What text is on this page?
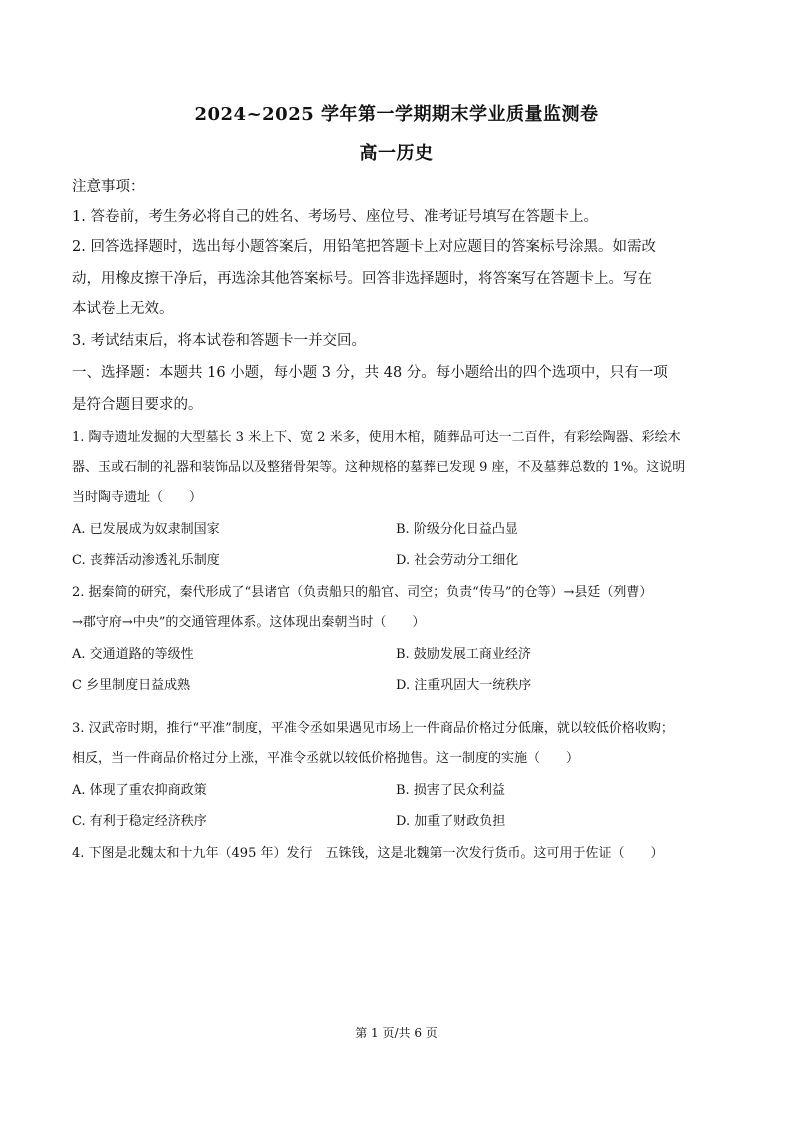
2024~2025 学年第一学期期末学业质量监测卷
高一历史
注意事项：
1. 答卷前，考生务必将自己的姓名、考场号、座位号、准考证号填写在答题卡上。
2. 回答选择题时，选出每小题答案后，用铅笔把答题卡上对应题目的答案标号涂黑。如需改
动，用橡皮擦干净后，再选涂其他答案标号。回答非选择题时，将答案写在答题卡上。写在
本试卷上无效。
3. 考试结束后，将本试卷和答题卡一并交回。
一、选择题：本题共 16 小题，每小题 3 分，共 48 分。每小题给出的四个选项中，只有一项
是符合题目要求的。
1. 陶寺遗址发掘的大型墓长 3 米上下、宽 2 米多，使用木棺，随葬品可达一二百件，有彩绘陶器、彩绘木
器、玉或石制的礼器和装饰品以及整猪骨架等。这种规格的墓葬已发现 9 座，不及墓葬总数的 1%。这说明
当时陶寺遗址（　　）
A. 已发展成为奴隶制国家	B. 阶级分化日益凸显
C. 丧葬活动渗透礼乐制度	D. 社会劳动分工细化
2. 据秦简的研究，秦代形成了“县诸官（负责船只的船官、司空；负责“传马”的仓等）→县廷（列曹）
→郡守府→中央”的交通管理体系。这体现出秦朝当时（　　）
A. 交通道路的等级性	B. 鼓励发展工商业经济
C 乡里制度日益成熟	D. 注重巩固大一统秩序
3. 汉武帝时期，推行“平准”制度，平准令丞如果遇见市场上一件商品价格过分低廉，就以较低价格收购；
相反，当一件商品价格过分上涨，平准令丞就以较低价格抛售。这一制度的实施（　　）
A. 体现了重农抑商政策	B. 损害了民众利益
C. 有利于稳定经济秩序	D. 加重了财政负担
4. 下图是北魏太和十九年（495 年）发行　五铢钱，这是北魏第一次发行货币。这可用于佐证（　　）
第 1 页/共 6 页
